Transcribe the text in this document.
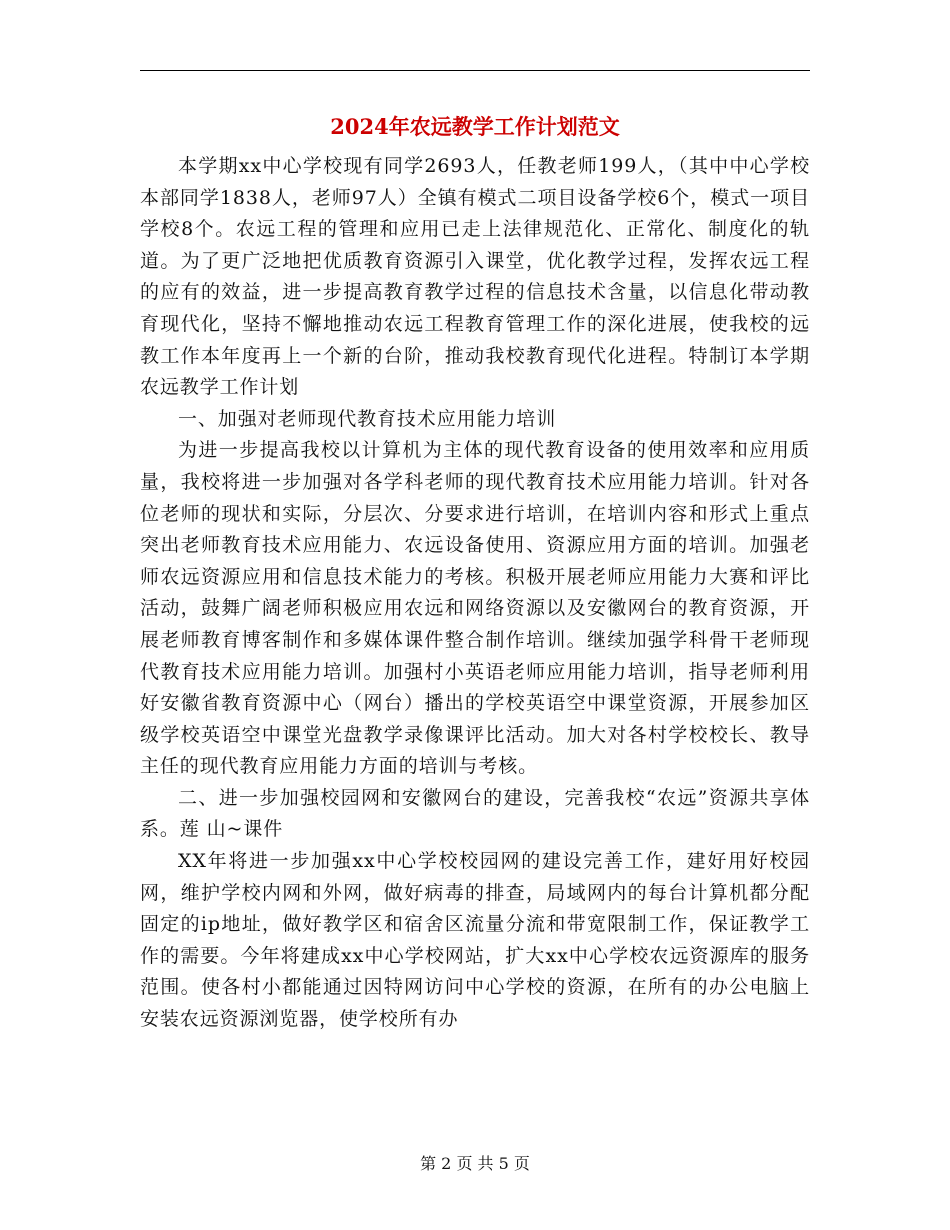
2024年农远教学工作计划范文

本学期xx中心学校现有同学2693人，任教老师199人，（其中中心学校本部同学1838人，老师97人）全镇有模式二项目设备学校6个，模式一项目学校8个。农远工程的管理和应用已走上法律规范化、正常化、制度化的轨道。为了更广泛地把优质教育资源引入课堂，优化教学过程，发挥农远工程的应有的效益，进一步提高教育教学过程的信息技术含量，以信息化带动教育现代化，坚持不懈地推动农远工程教育管理工作的深化进展，使我校的远教工作本年度再上一个新的台阶，推动我校教育现代化进程。特制订本学期农远教学工作计划

一、加强对老师现代教育技术应用能力培训

为进一步提高我校以计算机为主体的现代教育设备的使用效率和应用质量，我校将进一步加强对各学科老师的现代教育技术应用能力培训。针对各位老师的现状和实际，分层次、分要求进行培训，在培训内容和形式上重点突出老师教育技术应用能力、农远设备使用、资源应用方面的培训。加强老师农远资源应用和信息技术能力的考核。积极开展老师应用能力大赛和评比活动，鼓舞广阔老师积极应用农远和网络资源以及安徽网台的教育资源，开展老师教育博客制作和多媒体课件整合制作培训。继续加强学科骨干老师现代教育技术应用能力培训。加强村小英语老师应用能力培训，指导老师利用好安徽省教育资源中心（网台）播出的学校英语空中课堂资源，开展参加区级学校英语空中课堂光盘教学录像课评比活动。加大对各村学校校长、教导主任的现代教育应用能力方面的培训与考核。

二、进一步加强校园网和安徽网台的建设，完善我校“农远”资源共享体系。莲 山~课件

XX年将进一步加强xx中心学校校园网的建设完善工作，建好用好校园网，维护学校内网和外网，做好病毒的排查，局域网内的每台计算机都分配固定的ip地址，做好教学区和宿舍区流量分流和带宽限制工作，保证教学工作的需要。今年将建成xx中心学校网站，扩大xx中心学校农远资源库的服务范围。使各村小都能通过因特网访问中心学校的资源，在所有的办公电脑上安装农远资源浏览器，使学校所有办

第 2 页 共 5 页
